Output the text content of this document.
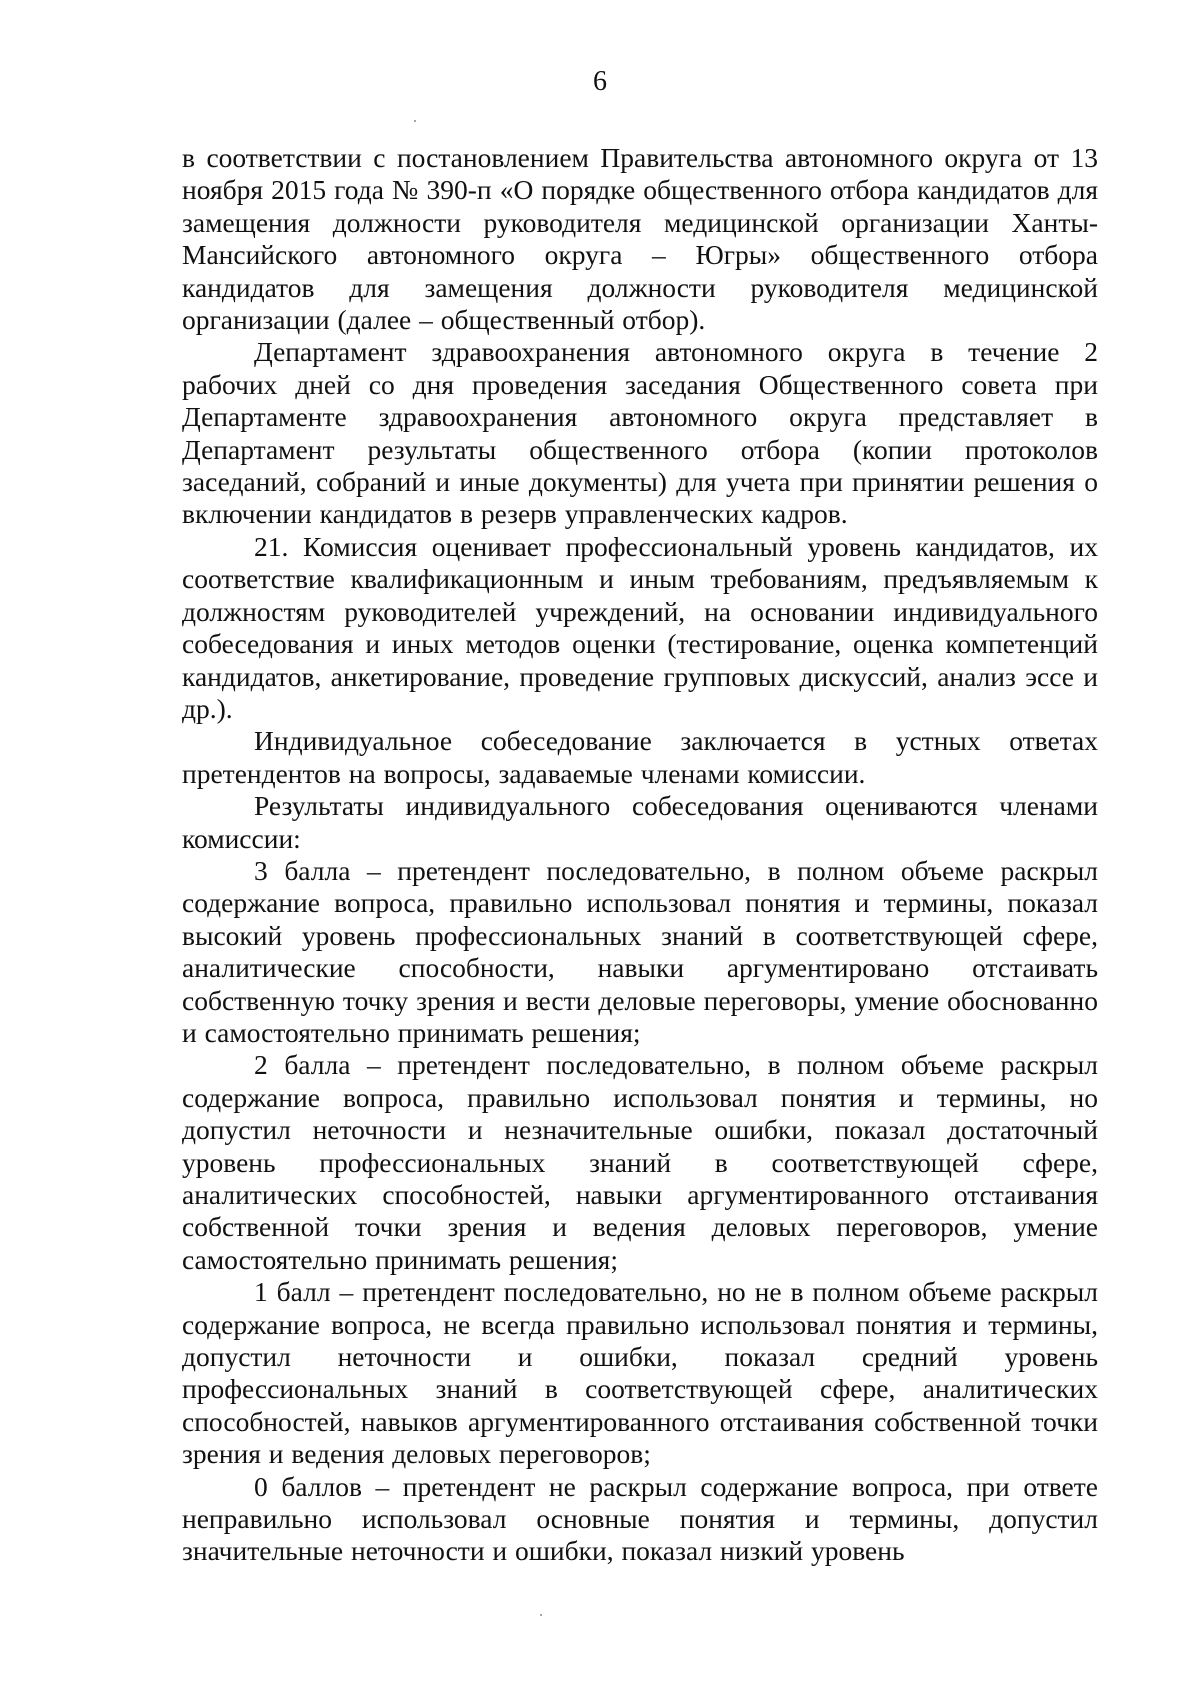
6

в соответствии с постановлением Правительства автономного округа от 13 ноября 2015 года № 390-п «О порядке общественного отбора кандидатов для замещения должности руководителя медицинской организации Ханты-Мансийского автономного округа – Югры» общественного отбора кандидатов для замещения должности руководителя медицинской организации (далее – общественный отбор).

Департамент здравоохранения автономного округа в течение 2 рабочих дней со дня проведения заседания Общественного совета при Департаменте здравоохранения автономного округа представляет в Департамент результаты общественного отбора (копии протоколов заседаний, собраний и иные документы) для учета при принятии решения о включении кандидатов в резерв управленческих кадров.

21. Комиссия оценивает профессиональный уровень кандидатов, их соответствие квалификационным и иным требованиям, предъявляемым к должностям руководителей учреждений, на основании индивидуального собеседования и иных методов оценки (тестирование, оценка компетенций кандидатов, анкетирование, проведение групповых дискуссий, анализ эссе и др.).

Индивидуальное собеседование заключается в устных ответах претендентов на вопросы, задаваемые членами комиссии.

Результаты индивидуального собеседования оцениваются членами комиссии:

3 балла – претендент последовательно, в полном объеме раскрыл содержание вопроса, правильно использовал понятия и термины, показал высокий уровень профессиональных знаний в соответствующей сфере, аналитические способности, навыки аргументировано отстаивать собственную точку зрения и вести деловые переговоры, умение обоснованно и самостоятельно принимать решения;

2 балла – претендент последовательно, в полном объеме раскрыл содержание вопроса, правильно использовал понятия и термины, но допустил неточности и незначительные ошибки, показал достаточный уровень профессиональных знаний в соответствующей сфере, аналитических способностей, навыки аргументированного отстаивания собственной точки зрения и ведения деловых переговоров, умение самостоятельно принимать решения;

1 балл – претендент последовательно, но не в полном объеме раскрыл содержание вопроса, не всегда правильно использовал понятия и термины, допустил неточности и ошибки, показал средний уровень профессиональных знаний в соответствующей сфере, аналитических способностей, навыков аргументированного отстаивания собственной точки зрения и ведения деловых переговоров;

0 баллов – претендент не раскрыл содержание вопроса, при ответе неправильно использовал основные понятия и термины, допустил значительные неточности и ошибки, показал низкий уровень
